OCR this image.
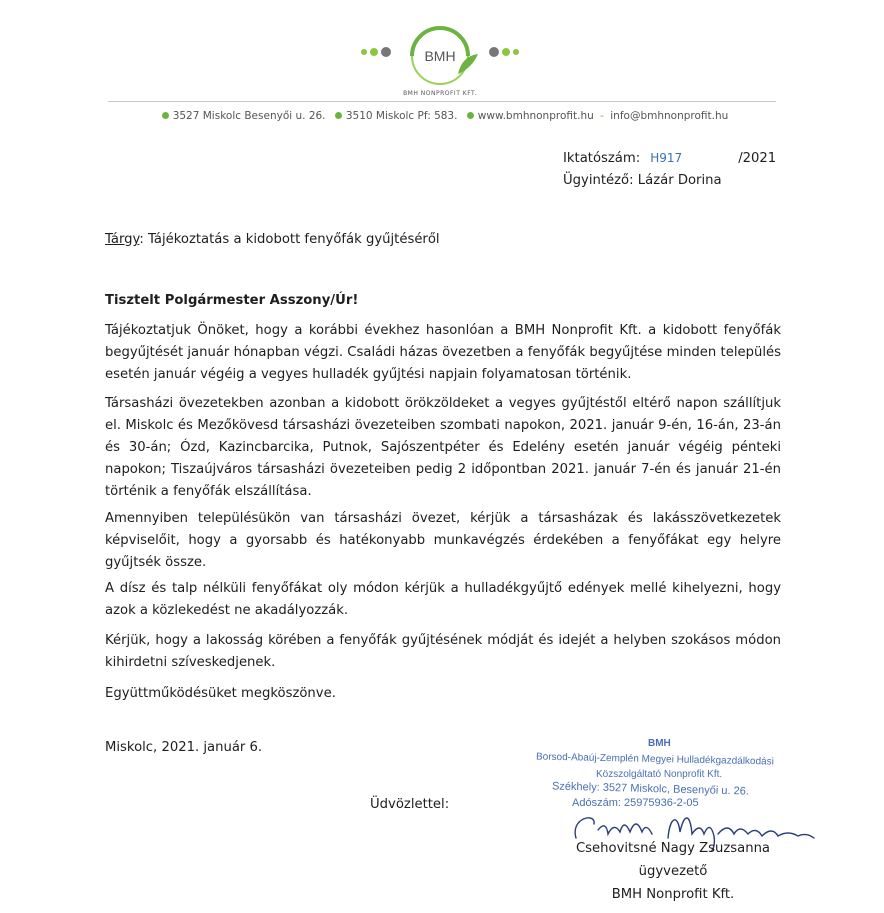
BMH
BMH NONPROFIT KFT.
3527 Miskolc Besenyői u. 26. 3510 Miskolc Pf: 583. www.bmhnonprofit.hu - info@bmhnonprofit.hu
Iktatószám: H917	/2021
Ügyintéző: Lázár Dorina
Tárgy: Tájékoztatás a kidobott fenyőfák gyűjtéséről
Tisztelt Polgármester Asszony/Úr!
Tájékoztatjuk Önöket, hogy a korábbi évekhez hasonlóan a BMH Nonprofit Kft. a kidobott fenyőfák begyűjtését január hónapban végzi. Családi házas övezetben a fenyőfák begyűjtése minden település esetén január végéig a vegyes hulladék gyűjtési napjain folyamatosan történik.
Társasházi övezetekben azonban a kidobott örökzöldeket a vegyes gyűjtéstől eltérő napon szállítjuk el. Miskolc és Mezőkövesd társasházi övezeteiben szombati napokon, 2021. január 9-én, 16-án, 23-án és 30-án; Ózd, Kazincbarcika, Putnok, Sajószentpéter és Edelény esetén január végéig pénteki napokon; Tiszaújváros társasházi övezeteiben pedig 2 időpontban 2021. január 7-én és január 21-én történik a fenyőfák elszállítása.
Amennyiben településükön van társasházi övezet, kérjük a társasházak és lakásszövetkezetek képviselőit, hogy a gyorsabb és hatékonyabb munkavégzés érdekében a fenyőfákat egy helyre gyűjtsék össze.
A dísz és talp nélküli fenyőfákat oly módon kérjük a hulladékgyűjtő edények mellé kihelyezni, hogy azok a közlekedést ne akadályozzák.
Kérjük, hogy a lakosság körében a fenyőfák gyűjtésének módját és idejét a helyben szokásos módon kihirdetni szíveskedjenek.
Együttműködésüket megköszönve.
Miskolc, 2021. január 6.
Üdvözlettel:
BMH
Borsod-Abaúj-Zemplén Megyei Hulladékgazdálkodási
Közszolgáltató Nonprofit Kft.
Székhely: 3527 Miskolc, Besenyői u. 26.
Adószám: 25975936-2-05
Csehovitsné Nagy Zsuzsanna
ügyvezető
BMH Nonprofit Kft.
